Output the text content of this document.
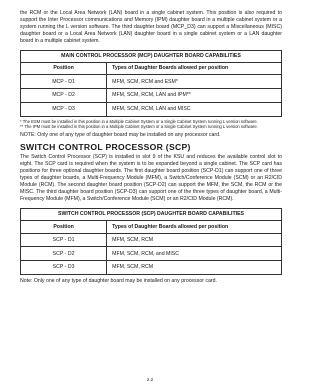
the RCM or the Local Area Network (LAN) board in a single cabinet system. This position is also required to support the Inter Processor communications and Memory (IPM) daughter board in a multiple cabinet system or a system running the L version software. The third daughter board (MCP_D3) can support a Miscellaneous (MISC) daughter board or a Local Area Network (LAN) daughter board in a single cabinet system or a LAN daughter board in a multiple cabinet system.

MAIN CONTROL PROCESSOR (MCP) DAUGHTER BOARD CAPABILITIES	
Position	Types of Daughter Boards allowed per position
MCP - D1	MFM, SCM, RCM and ESM*
MCP - D2	MFM, SCM, RCM, LAN and IPM**
MCP - D3	MFM, SCM, RCM, LAN and MISC

* The ESM must be installed in this position in a Multiple Cabinet System or a Single Cabinet System running L version software.

** The IPM must be installed in this position in a Multiple Cabinet System or a Single Cabinet System running L version software.

NOTE: Only one of any type of daughter board may be installed on any processor card.

SWITCH CONTROL PROCESSOR (SCP)

The Switch Control Processor (SCP) is installed in slot 9 of the KSU and reduces the available control slot to eight. The SCP card is required when the system is to be expanded beyond a single cabinet. The SCP card has positions for three optional daughter boards. The first daughter board position (SCP-D1) can support one of three types of daughter boards, a Multi-Frequency Module (MFM), a Switch/Conference Module (SCM) or an R2/CID Module (RCM). The second daughter board position (SCP-D2) can support the MFM, the SCM, the RCM or the MISC. The third daughter board position (SCP-D3) can support one of the three types of daughter board, a Multi-Frequency Module (MFM), a Switch/Conference Module (SCM) or an R2/CID Module (RCM).

SWITCH CONTROL PROCESSOR (SCP) DAUGHTER BOARD CAPABILITIES	
Position	Types of Daughter Boards allowed per position
SCP - D1	MFM, SCM, RCM
SCP - D2	MFM, SCM, RCM, and MISC
SCP - D3	MFM, SCM, RCM

Note: Only one of any type of daughter board may be installed on any processor card.

2.2
